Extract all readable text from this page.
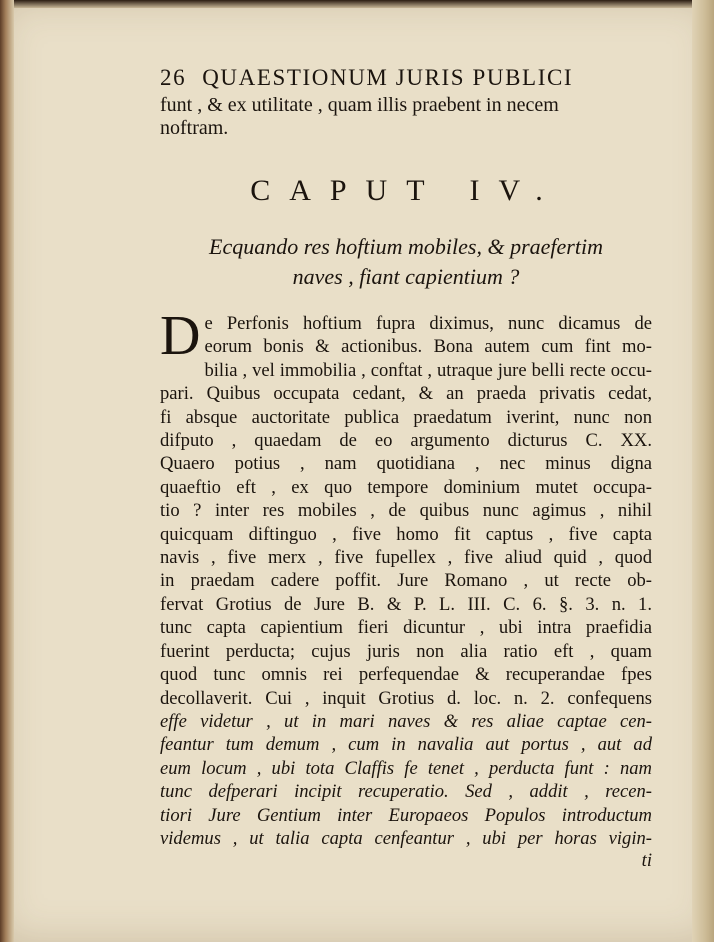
26 QUAESTIONUM JURIS PUBLICI
funt , & ex utilitate , quam illis praebent in necem
noftram.
CAPUT IV.
Ecquando res hoftium mobiles, & praefertim
naves , fiant capientium ?
D e Perfonis hoftium fupra diximus, nunc dicamus de
eorum bonis & actionibus. Bona autem cum fint mo-
bilia , vel immobilia , conftat , utraque jure belli recte occu-
pari. Quibus occupata cedant, & an praeda privatis cedat,
fi absque auctoritate publica praedatum iverint, nunc non
difputo , quaedam de eo argumento dicturus C. XX.
Quaero potius , nam quotidiana , nec minus digna
quaeftio eft , ex quo tempore dominium mutet occupa-
tio ? inter res mobiles , de quibus nunc agimus , nihil
quicquam diftinguo , five homo fit captus , five capta
navis , five merx , five fupellex , five aliud quid , quod
in praedam cadere poffit. Jure Romano , ut recte ob-
fervat Grotius de Jure B. & P. L. III. C. 6. §. 3. n. 1.
tunc capta capientium fieri dicuntur , ubi intra praefidia
fuerint perducta; cujus juris non alia ratio eft , quam
quod tunc omnis rei perfequendae & recuperandae fpes
decollaverit. Cui , inquit Grotius d. loc. n. 2. confequens
effe videtur , ut in mari naves & res aliae captae cen-
feantur tum demum , cum in navalia aut portus , aut ad
eum locum , ubi tota Claffis fe tenet , perducta funt : nam
tunc defperari incipit recuperatio. Sed , addit , recen-
tiori Jure Gentium inter Europaeos Populos introductum
videmus , ut talia capta cenfeantur , ubi per horas vigin-
ti
